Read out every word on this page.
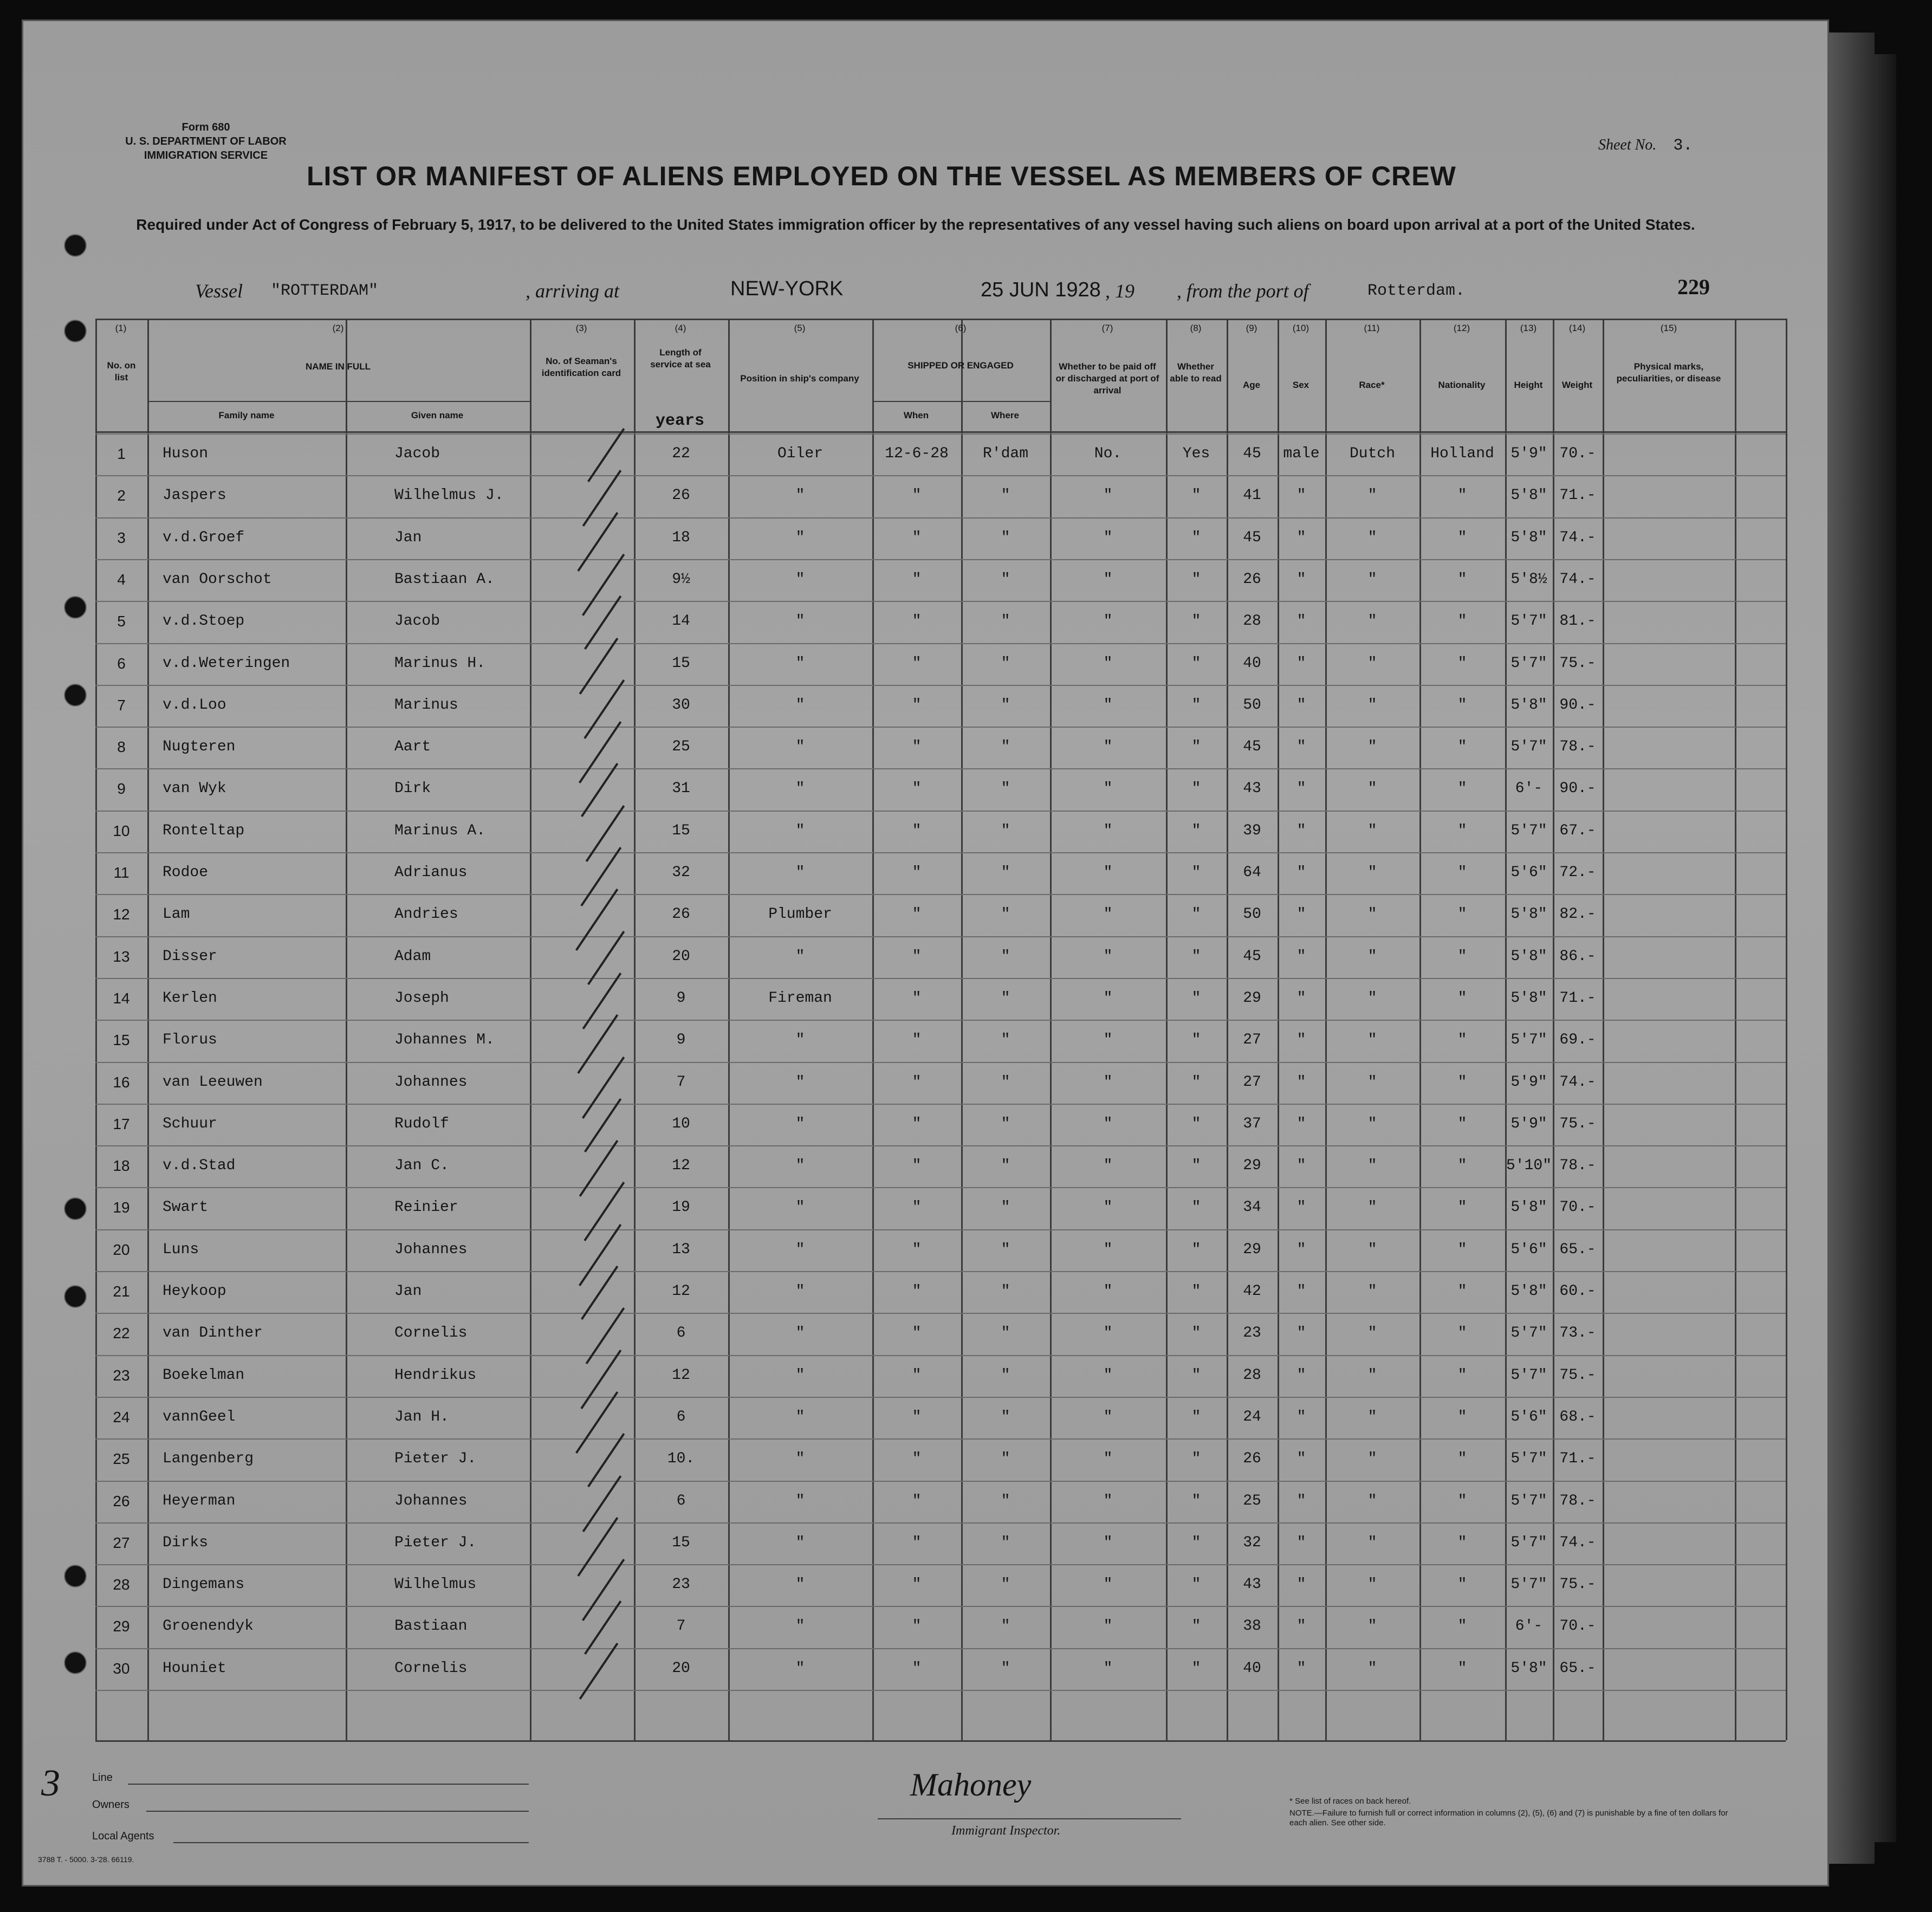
Form 680
U. S. DEPARTMENT OF LABOR
IMMIGRATION SERVICE
Sheet No. 3.
LIST OR MANIFEST OF ALIENS EMPLOYED ON THE VESSEL AS MEMBERS OF CREW
Required under Act of Congress of February 5, 1917, to be delivered to the United States immigration officer by the representatives of any vessel having such aliens on board upon arrival at a port of the United States.
Vessel "ROTTERDAM"	, arriving at	NEW-YORK	25 JUN 1928 , 19 , from the port of	Rotterdam.	229
(1)	(2)	(3)	(4)	(5)	(6)	(7)	(8)	(9)	(10)	(11)	(12)	(13)	(14)	(15)
No. on list
NAME IN FULL
Family name	Given name
No. of Seaman's identification card
Length of service at sea
years
Position in ship's company
SHIPPED OR ENGAGED
When	Where
Whether to be paid off or discharged at port of arrival
Whether able to read
Age	Sex	Race*	Nationality	Height	Weight
Physical marks, peculiarities, or disease
1	Huson	Jacob	22	Oiler	12-6-28	R'dam	No.	Yes	45	male	Dutch	Holland	5'9" 70.-
2	Jaspers	Wilhelmus J.	26	"	"	"	"	"	41	"	"	"	5'8" 71.-
3	v.d.Groef	Jan	18	"	"	"	"	"	45	"	"	"	5'8" 74.-
4	van Oorschot	Bastiaan A.	9½	"	"	"	"	"	26	"	"	"	5'8½ 74.-
5	v.d.Stoep	Jacob	14	"	"	"	"	"	28	"	"	"	5'7" 81.-
6	v.d.Weteringen	Marinus H.	15	"	"	"	"	"	40	"	"	"	5'7" 75.-
7	v.d.Loo	Marinus	30	"	"	"	"	"	50	"	"	"	5'8" 90.-
8	Nugteren	Aart	25	"	"	"	"	"	45	"	"	"	5'7" 78.-
9	van Wyk	Dirk	31	"	"	"	"	"	43	"	"	"	6'-	90.-
10	Ronteltap	Marinus A.	15	"	"	"	"	"	39	"	"	"	5'7" 67.-
11	Rodoe	Adrianus	32	"	"	"	"	"	64	"	"	"	5'6" 72.-
12	Lam	Andries	26	Plumber	"	"	"	"	50	"	"	"	5'8" 82.-
13	Disser	Adam	20	"	"	"	"	"	45	"	"	"	5'8" 86.-
14	Kerlen	Joseph	9	Fireman	"	"	"	"	29	"	"	"	5'8" 71.-
15	Florus	Johannes M.	9	"	"	"	"	"	27	"	"	"	5'7" 69.-
16	van Leeuwen	Johannes	7	"	"	"	"	"	27	"	"	"	5'9" 74.-
17	Schuur	Rudolf	10	"	"	"	"	"	37	"	"	"	5'9" 75.-
18	v.d.Stad	Jan C.	12	"	"	"	"	"	29	"	"	"	5'10" 78.-
19	Swart	Reinier	19	"	"	"	"	"	34	"	"	"	5'8" 70.-
20	Luns	Johannes	13	"	"	"	"	"	29	"	"	"	5'6" 65.-
21	Heykoop	Jan	12	"	"	"	"	"	42	"	"	"	5'8" 60.-
22	van Dinther	Cornelis	6	"	"	"	"	"	23	"	"	"	5'7" 73.-
23	Boekelman	Hendrikus	12	"	"	"	"	"	28	"	"	"	5'7" 75.-
24	vannGeel	Jan H.	6	"	"	"	"	"	24	"	"	"	5'6" 68.-
25	Langenberg	Pieter J.	10.	"	"	"	"	"	26	"	"	"	5'7" 71.-
26	Heyerman	Johannes	6	"	"	"	"	"	25	"	"	"	5'7" 78.-
27	Dirks	Pieter J.	15	"	"	"	"	"	32	"	"	"	5'7" 74.-
28	Dingemans	Wilhelmus	23	"	"	"	"	"	43	"	"	"	5'7" 75.-
29	Groenendyk	Bastiaan	7	"	"	"	"	"	38	"	"	"	6'-	70.-
30	Houniet	Cornelis	20	"	"	"	"	"	40	"	"	"	5'8" 65.-
3	Line
Owners
Local Agents
3788 T. - 5000. 3-'28. 66119.
Mahoney
Immigrant Inspector.
* See list of races on back hereof.
NOTE.—Failure to furnish full or correct information in columns (2), (5), (6) and (7) is punishable by a fine of ten dollars for each alien. See other side.
